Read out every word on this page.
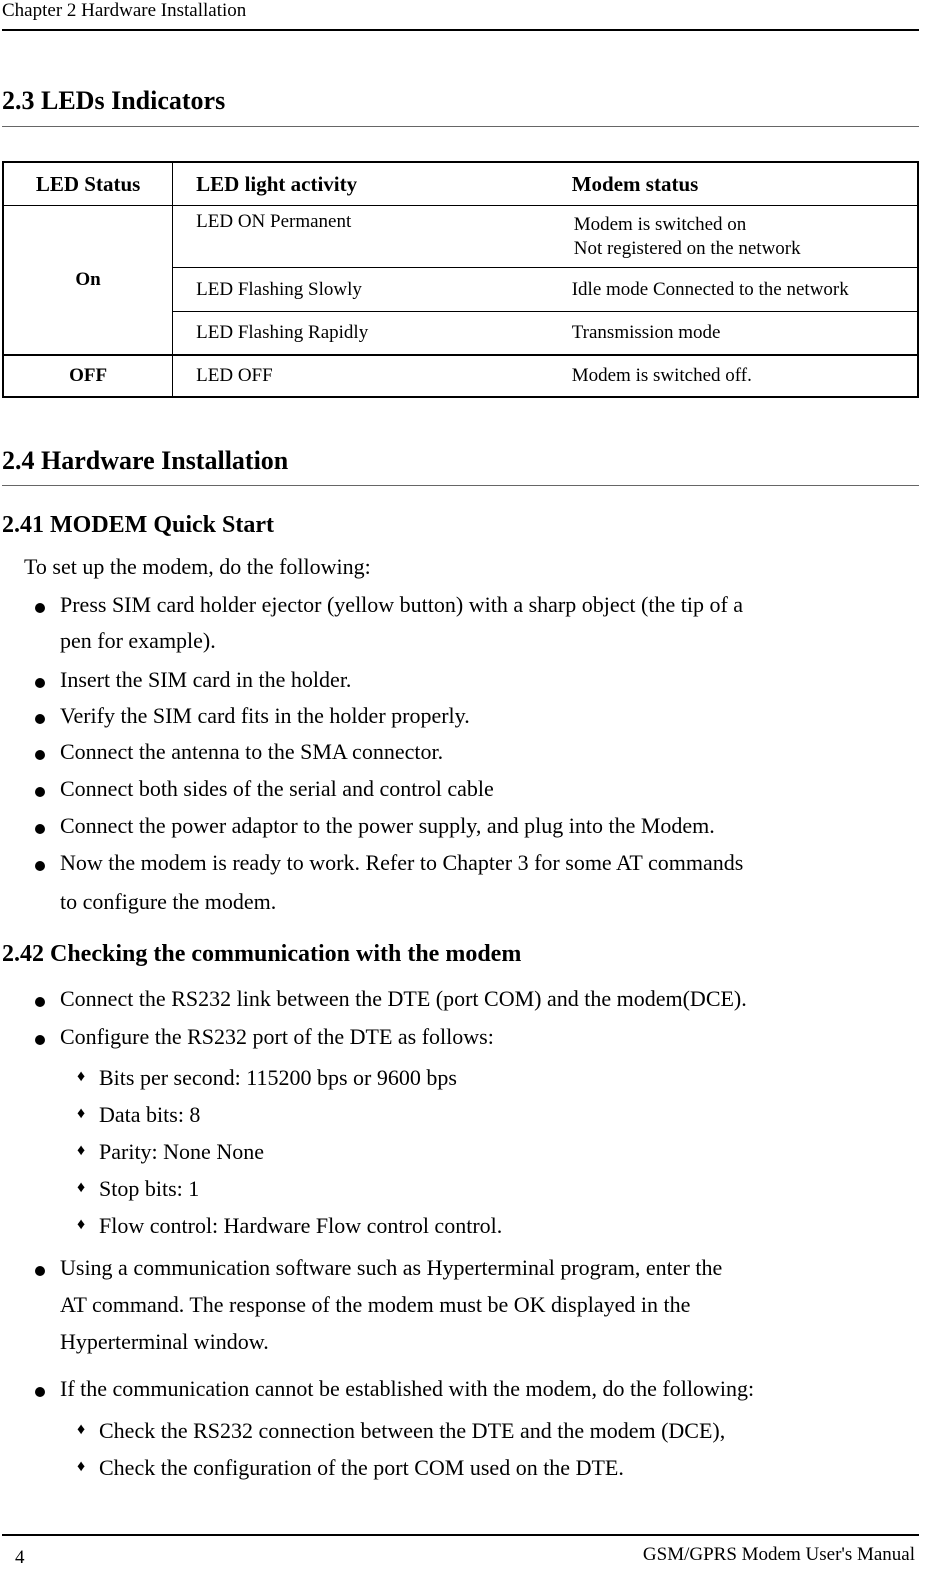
Chapter 2 Hardware Installation
2.3 LEDs Indicators
LED Status	LED light activity	Modem status
On	LED ON Permanent	Modem is switched on
Not registered on the network

	LED Flashing Slowly	Idle mode Connected to the network
	LED Flashing Rapidly	Transmission mode
OFF	LED OFF	Modem is switched off.
2.4 Hardware Installation
2.41 MODEM Quick Start
To set up the modem, do the following:
Press SIM card holder ejector (yellow button) with a sharp object (the tip of a
pen for example).
Insert the SIM card in the holder.
Verify the SIM card fits in the holder properly.
Connect the antenna to the SMA connector.
Connect both sides of the serial and control cable
Connect the power adaptor to the power supply, and plug into the Modem.
Now the modem is ready to work. Refer to Chapter 3 for some AT commands
to configure the modem.
2.42 Checking the communication with the modem
Connect the RS232 link between the DTE (port COM) and the modem(DCE).
Configure the RS232 port of the DTE as follows:
♦ Bits per second: 115200 bps or 9600 bps
♦ Data bits: 8
♦ Parity: None None
♦ Stop bits: 1
♦ Flow control: Hardware Flow control control.
Using a communication software such as Hyperterminal program, enter the
AT command. The response of the modem must be OK displayed in the
Hyperterminal window.
If the communication cannot be established with the modem, do the following:
♦ Check the RS232 connection between the DTE and the modem (DCE),
♦ Check the configuration of the port COM used on the DTE.
4	GSM/GPRS Modem User's Manual
